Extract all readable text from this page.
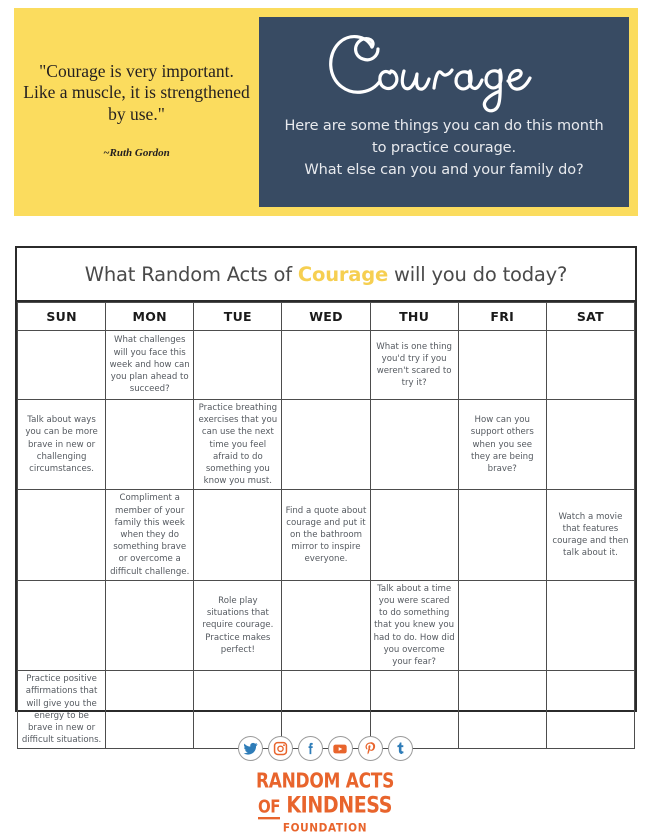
"Courage is very important. Like a muscle, it is strengthened by use."
~Ruth Gordon
Here are some things you can do this month
to practice courage.
What else can you and your family do?
What Random Acts of Courage will you do today?
SUN	MON	TUE	WED	THU	FRI	SAT
	What challenges will you face this week and how can you plan ahead to succeed?			What is one thing you'd try if you weren't scared to try it?		
Talk about ways you can be more brave in new or challenging circumstances.		Practice breathing exercises that you can use the next time you feel afraid to do something you know you must.			How can you support others when you see they are being brave?	
	Compliment a member of your family this week when they do something brave or overcome a difficult challenge.		Find a quote about courage and put it on the bathroom mirror to inspire everyone.			Watch a movie that features courage and then talk about it.
		Role play situations that require courage. Practice makes perfect!		Talk about a time you were scared to do something that you knew you had to do. How did you overcome your fear?		
Practice positive affirmations that will give you the energy to be brave in new or difficult situations.						
RANDOM ACTS
OF KINDNESS
FOUNDATION
